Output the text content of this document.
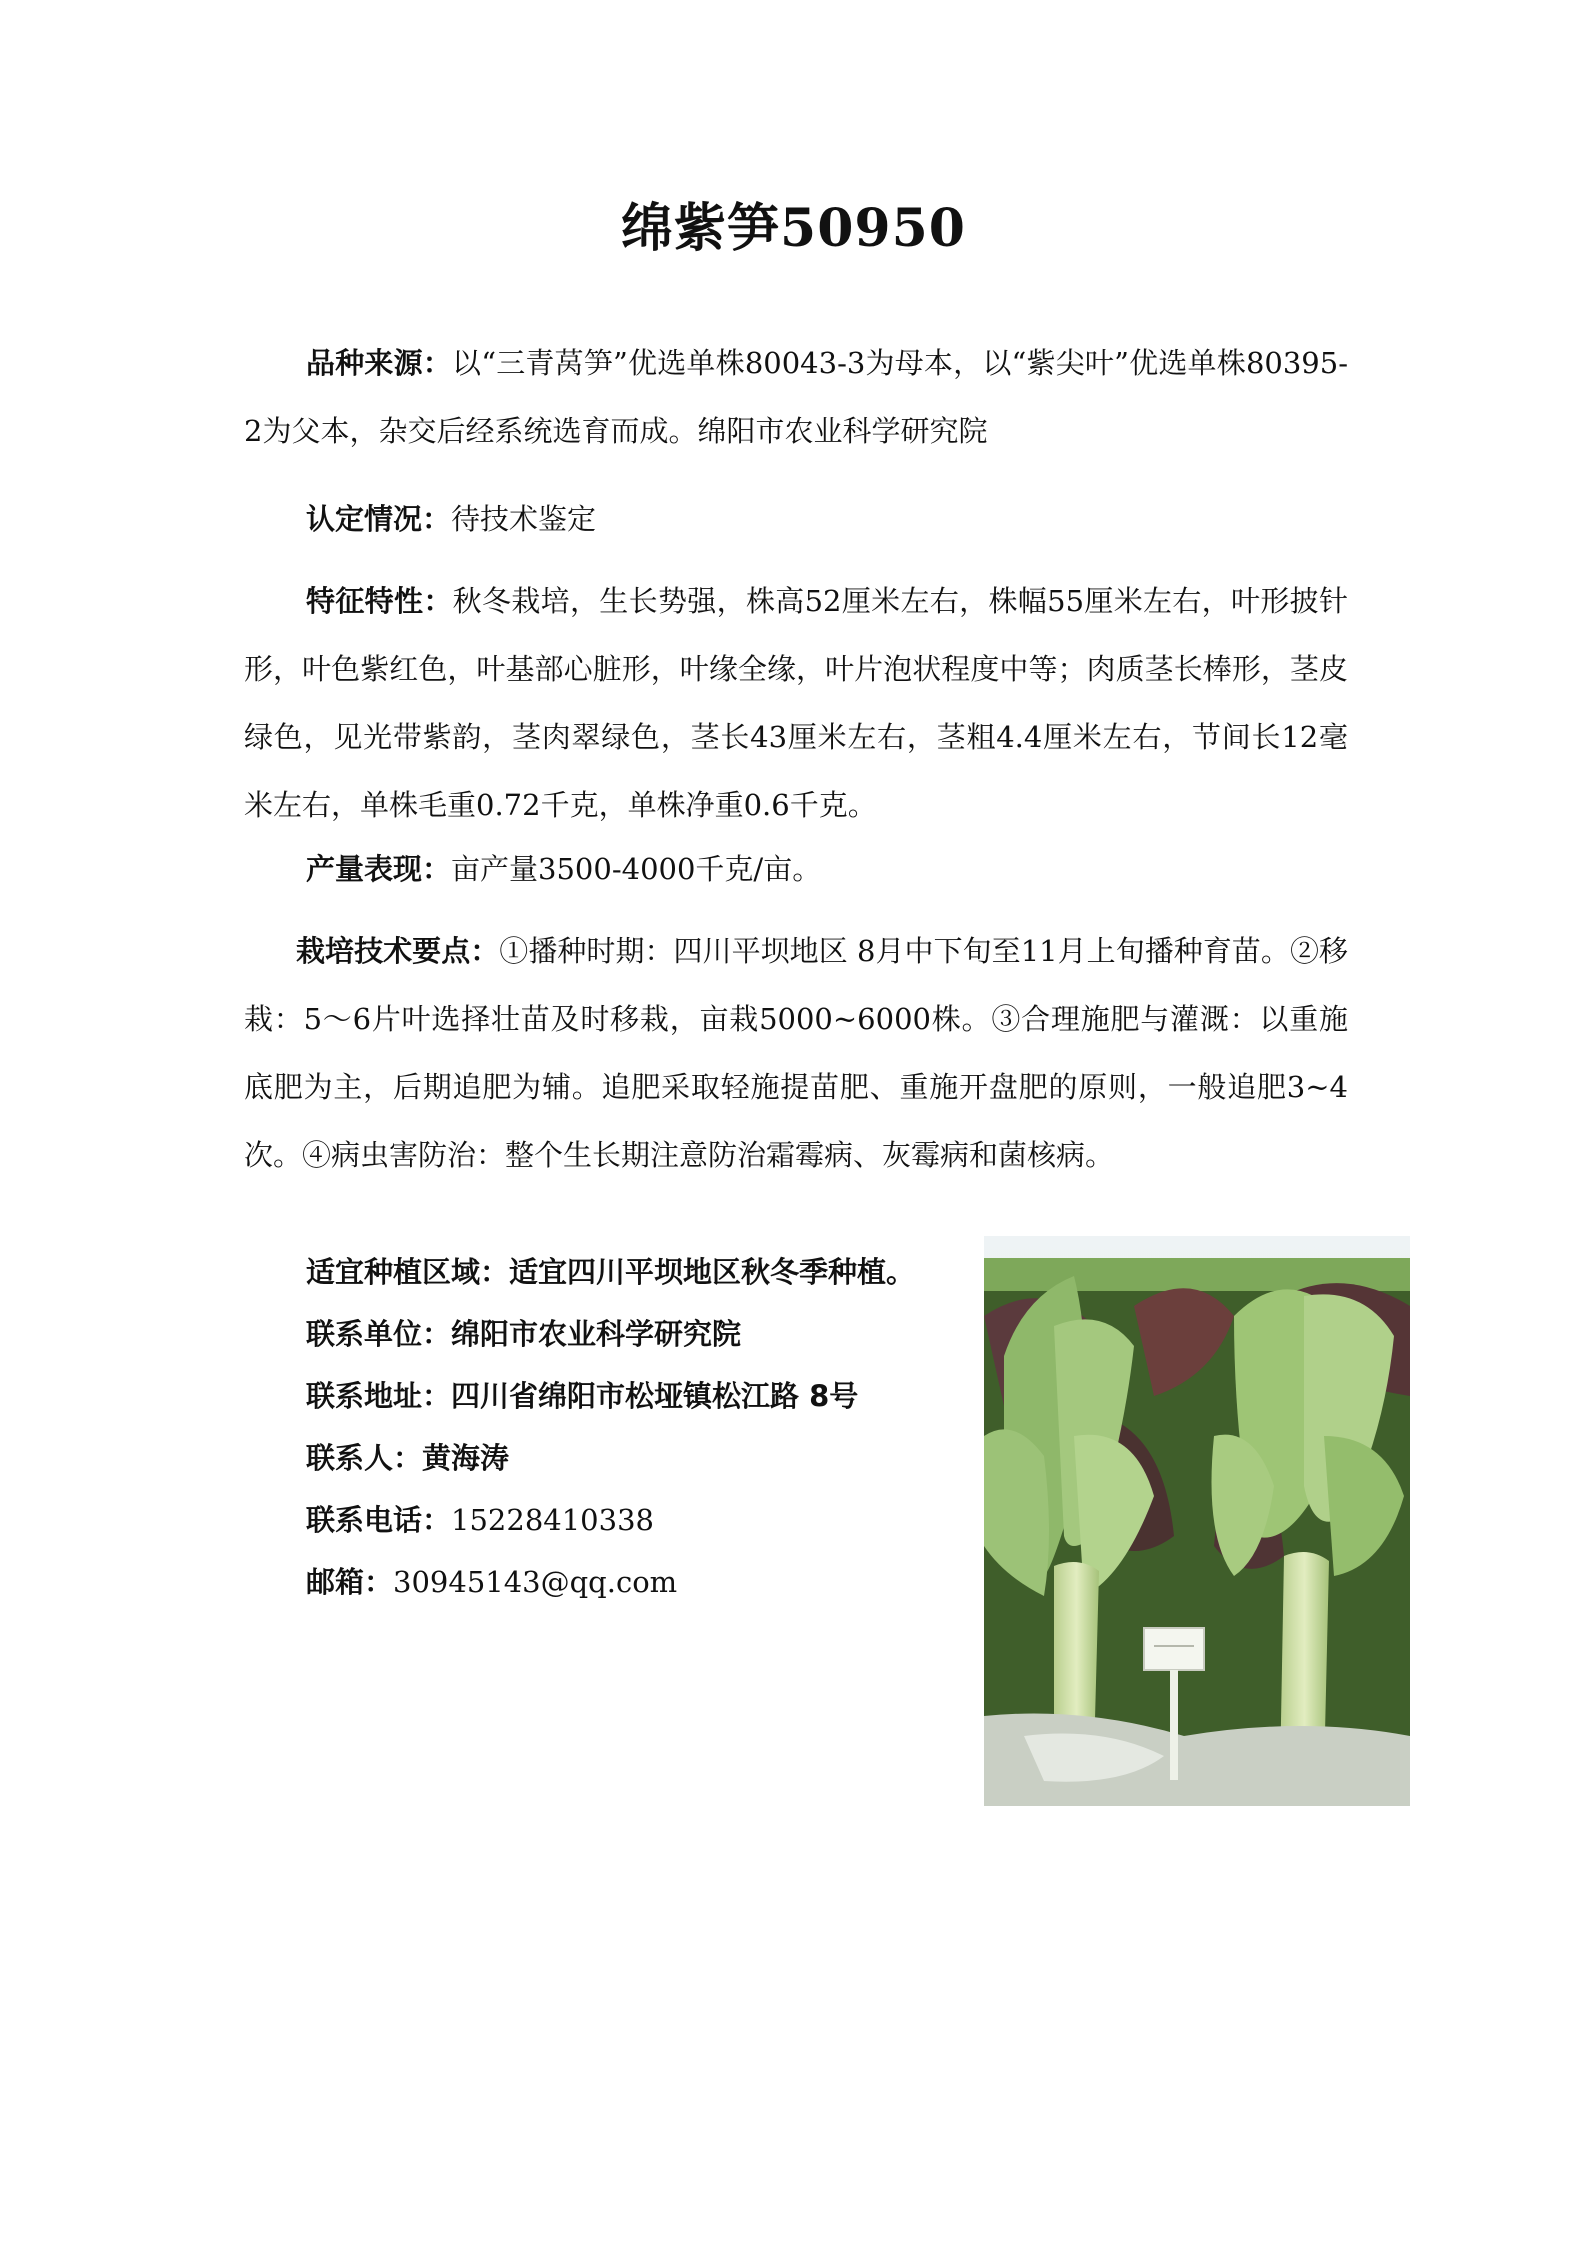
绵紫笋50950

品种来源：以“三青莴笋”优选单株80043-3为母本，以“紫尖叶”优选单株80395-2为父本，杂交后经系统选育而成。绵阳市农业科学研究院

认定情况：待技术鉴定

特征特性：秋冬栽培，生长势强，株高52厘米左右，株幅55厘米左右，叶形披针形，叶色紫红色，叶基部心脏形，叶缘全缘，叶片泡状程度中等；肉质茎长棒形，茎皮绿色，见光带紫韵，茎肉翠绿色，茎长43厘米左右，茎粗4.4厘米左右，节间长12毫米左右，单株毛重0.72千克，单株净重0.6千克。

产量表现：亩产量3500-4000千克/亩。

栽培技术要点：①播种时期：四川平坝地区 8月中下旬至11月上旬播种育苗。②移栽：5～6片叶选择壮苗及时移栽，亩栽5000~6000株。③合理施肥与灌溉：以重施底肥为主，后期追肥为辅。追肥采取轻施提苗肥、重施开盘肥的原则，一般追肥3~4次。④病虫害防治：整个生长期注意防治霜霉病、灰霉病和菌核病。

适宜种植区域：适宜四川平坝地区秋冬季种植。
联系单位：绵阳市农业科学研究院
联系地址：四川省绵阳市松垭镇松江路 8号
联系人：黄海涛
联系电话：15228410338
邮箱：30945143@qq.com
